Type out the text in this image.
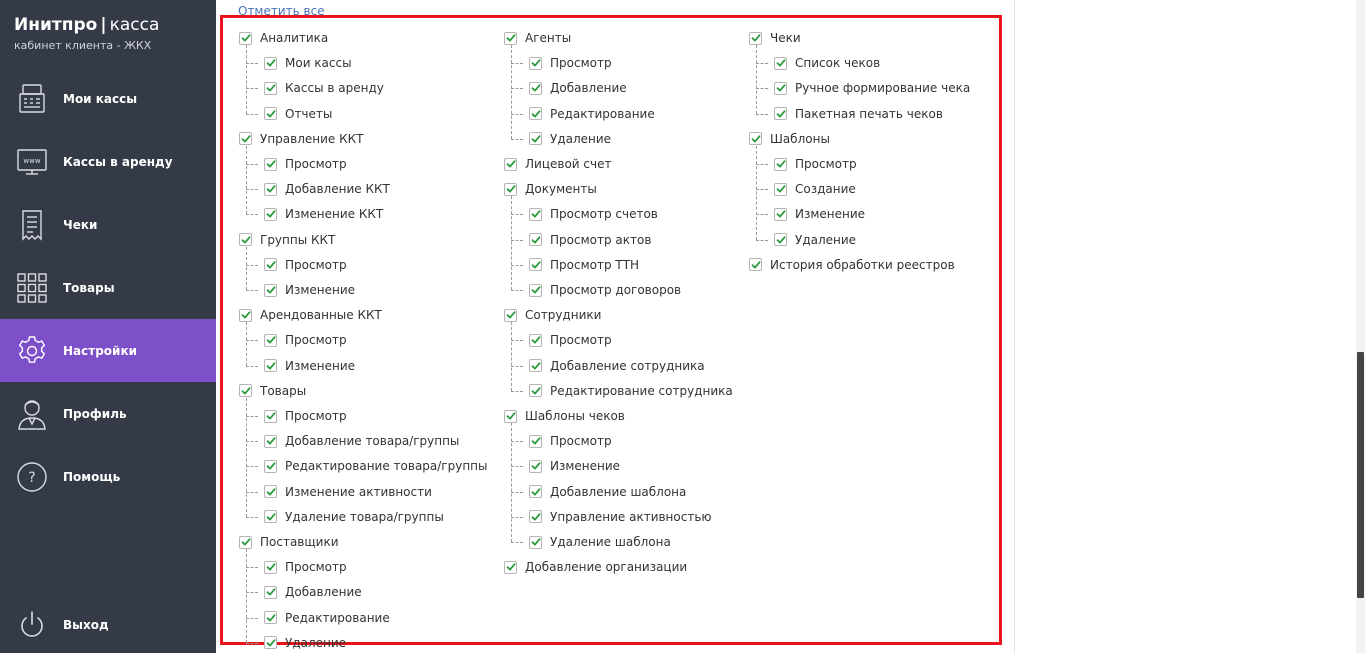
Инитпро | касса
кабинет клиента - ЖКХ
Мои кассы
www Кассы в аренду
Чеки
Товары
Настройки
Профиль
? Помощь
Выход
Отметить все
Аналитика
Мои кассы
Кассы в аренду
Отчеты
Управление ККТ
Просмотр
Добавление ККТ
Изменение ККТ
Группы ККТ
Просмотр
Изменение
Арендованные ККТ
Просмотр
Изменение
Товары
Просмотр
Добавление товара/группы
Редактирование товара/группы
Изменение активности
Удаление товара/группы
Поставщики
Просмотр
Добавление
Редактирование
Удаление
Агенты
Просмотр
Добавление
Редактирование
Удаление
Лицевой счет
Документы
Просмотр счетов
Просмотр актов
Просмотр ТТН
Просмотр договоров
Сотрудники
Просмотр
Добавление сотрудника
Редактирование сотрудника
Шаблоны чеков
Просмотр
Изменение
Добавление шаблона
Управление активностью
Удаление шаблона
Добавление организации
Чеки
Список чеков
Ручное формирование чека
Пакетная печать чеков
Шаблоны
Просмотр
Создание
Изменение
Удаление
История обработки реестров
